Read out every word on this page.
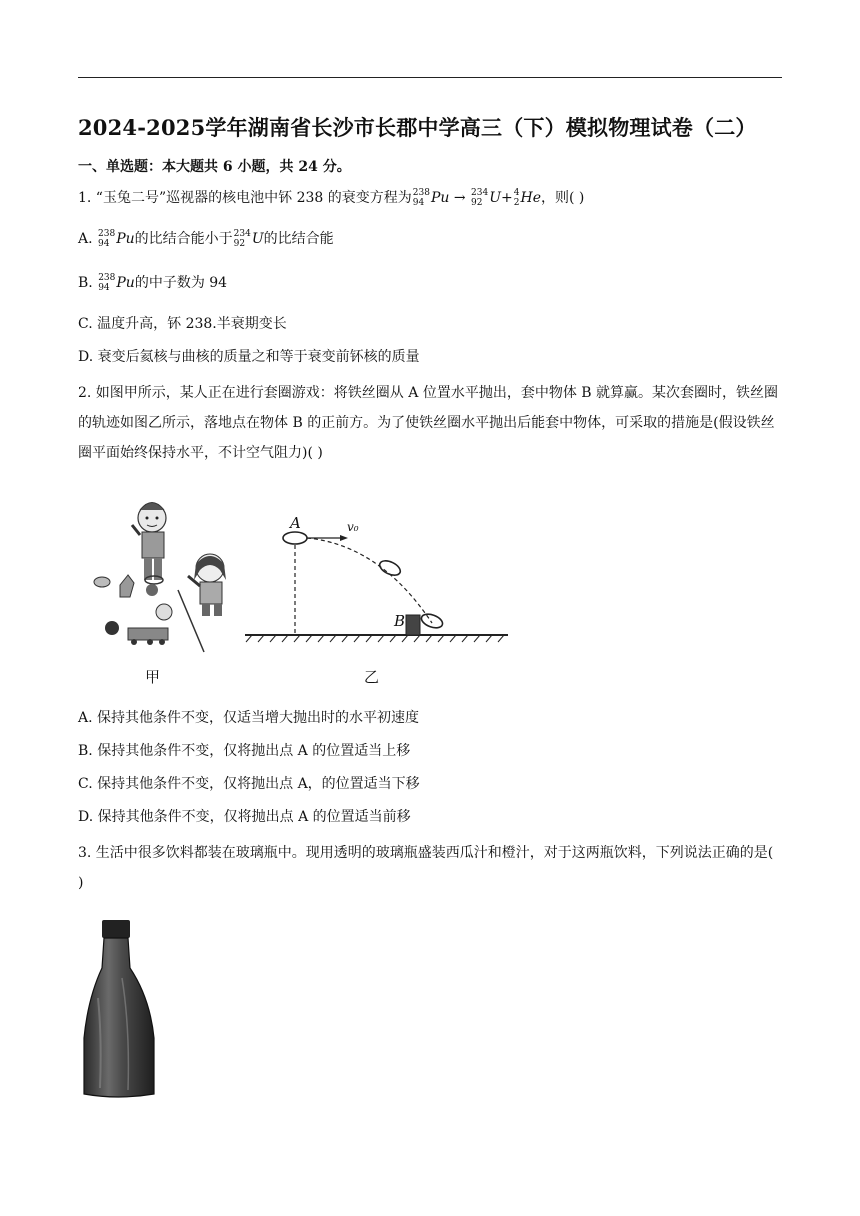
2024-2025学年湖南省长沙市长郡中学高三（下）模拟物理试卷（二）
一、单选题：本大题共 6 小题，共 24 分。
1. “玉兔二号”巡视器的核电池中钚 238 的衰变方程为 238
94 Pu → 234
92 U+ 4
2 He，则( )
A. 238
94 Pu的比结合能小于 234
92 U的比结合能
B. 238
94 Pu的中子数为 94
C. 温度升高，钚 238.半衰期变长
D. 衰变后氦核与曲核的质量之和等于衰变前钚核的质量
2. 如图甲所示，某人正在进行套圈游戏：将铁丝圈从 A 位置水平抛出，套中物体 B 就算赢。某次套圈时，铁丝圈的轨迹如图乙所示，落地点在物体 B 的正前方。为了使铁丝圈水平抛出后能套中物体，可采取的措施是(假设铁丝圈平面始终保持水平，不计空气阻力)( )
甲
A
B
v₀
乙
A. 保持其他条件不变，仅适当增大抛出时的水平初速度
B. 保持其他条件不变，仅将抛出点 A 的位置适当上移
C. 保持其他条件不变，仅将抛出点 A，的位置适当下移
D. 保持其他条件不变，仅将抛出点 A 的位置适当前移
3. 生活中很多饮料都装在玻璃瓶中。现用透明的玻璃瓶盛装西瓜汁和橙汁，对于这两瓶饮料，下列说法正确的是( )
